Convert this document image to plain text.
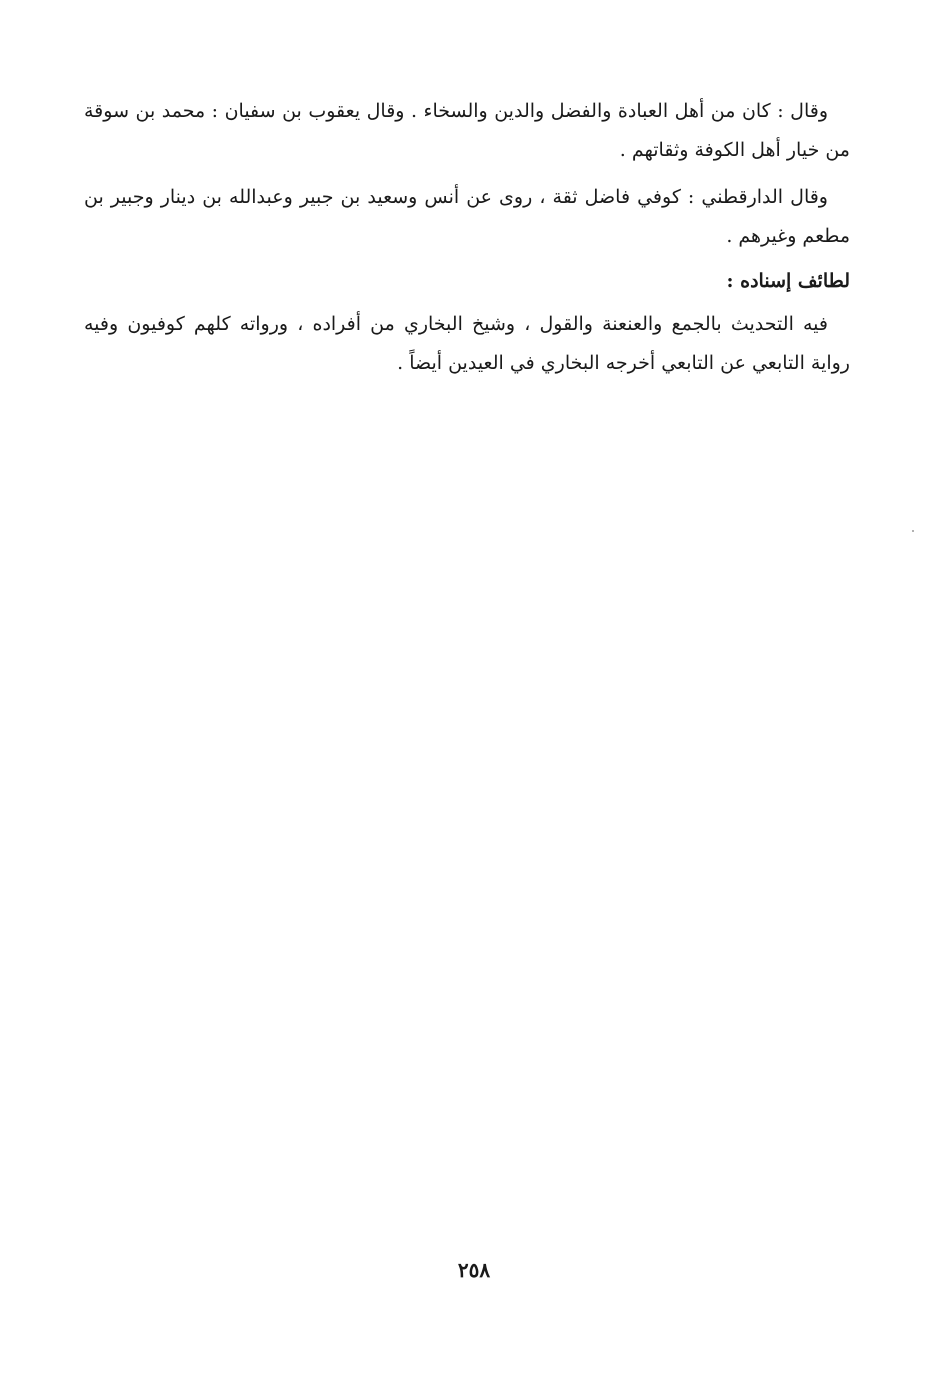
وقال : كان من أهل العبادة والفضل والدين والسخاء . وقال يعقوب بن سفيان : محمد بن سوقة من خيار أهل الكوفة وثقاتهم .
وقال الدارقطني : كوفي فاضل ثقة ، روى عن أنس وسعيد بن جبير وعبدالله بن دينار وجبير بن مطعم وغيرهم .
لطائف إسناده :
فيه التحديث بالجمع والعنعنة والقول ، وشيخ البخاري من أفراده ، ورواته كلهم كوفيون وفيه رواية التابعي عن التابعي أخرجه البخاري في العيدين أيضاً .
٢٥٨
